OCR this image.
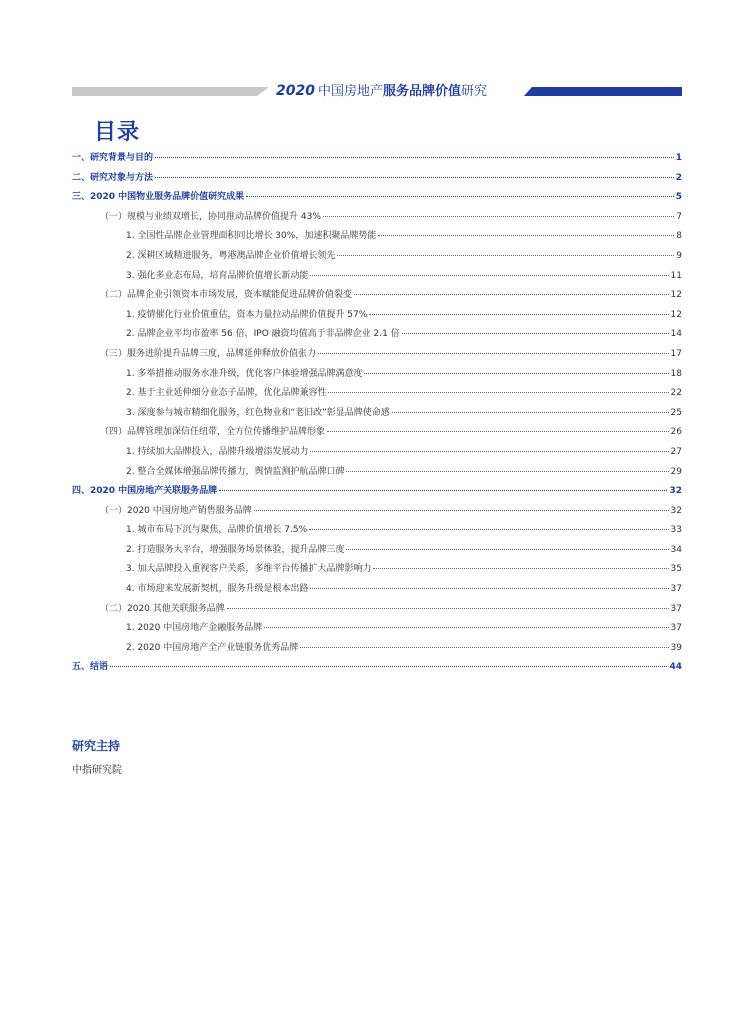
2020 中国房地产服务品牌价值研究
目录
一、研究背景与目的	1
二、研究对象与方法	2
三、2020 中国物业服务品牌价值研究成果	5
（一）规模与业绩双增长，协同推动品牌价值提升 43%	7
1. 全国性品牌企业管理面积同比增长 30%，加速积聚品牌势能	8
2. 深耕区域精进服务，粤港澳品牌企业价值增长领先	9
3. 强化多业态布局，培育品牌价值增长新动能	11
（二）品牌企业引领资本市场发展，资本赋能促进品牌价值裂变	12
1. 疫情催化行业价值重估，资本力量拉动品牌价值提升 57%	12
2. 品牌企业平均市盈率 56 倍，IPO 融资均值高于非品牌企业 2.1 倍	14
（三）服务进阶提升品牌三度，品牌延伸释放价值张力	17
1. 多举措推动服务水准升级，优化客户体验增强品牌满意度	18
2. 基于主业延伸细分业态子品牌，优化品牌兼容性	22
3. 深度参与城市精细化服务，红色物业和“老旧改”彰显品牌使命感	25
（四）品牌管理加深信任纽带，全方位传播维护品牌形象	26
1. 持续加大品牌投入，品牌升级增添发展动力	27
2. 整合全媒体增强品牌传播力，舆情监测护航品牌口碑	29
四、2020 中国房地产关联服务品牌	32
（一）2020 中国房地产销售服务品牌	32
1. 城市布局下沉与聚焦，品牌价值增长 7.5%	33
2. 打造服务大平台，增强服务场景体验，提升品牌三度	34
3. 加大品牌投入重视客户关系，多维平台传播扩大品牌影响力	35
4. 市场迎来发展新契机，服务升级是根本出路	37
（二）2020 其他关联服务品牌	37
1. 2020 中国房地产金融服务品牌	37
2. 2020 中国房地产全产业链服务优秀品牌	39
五、结语	44
研究主持
中指研究院
